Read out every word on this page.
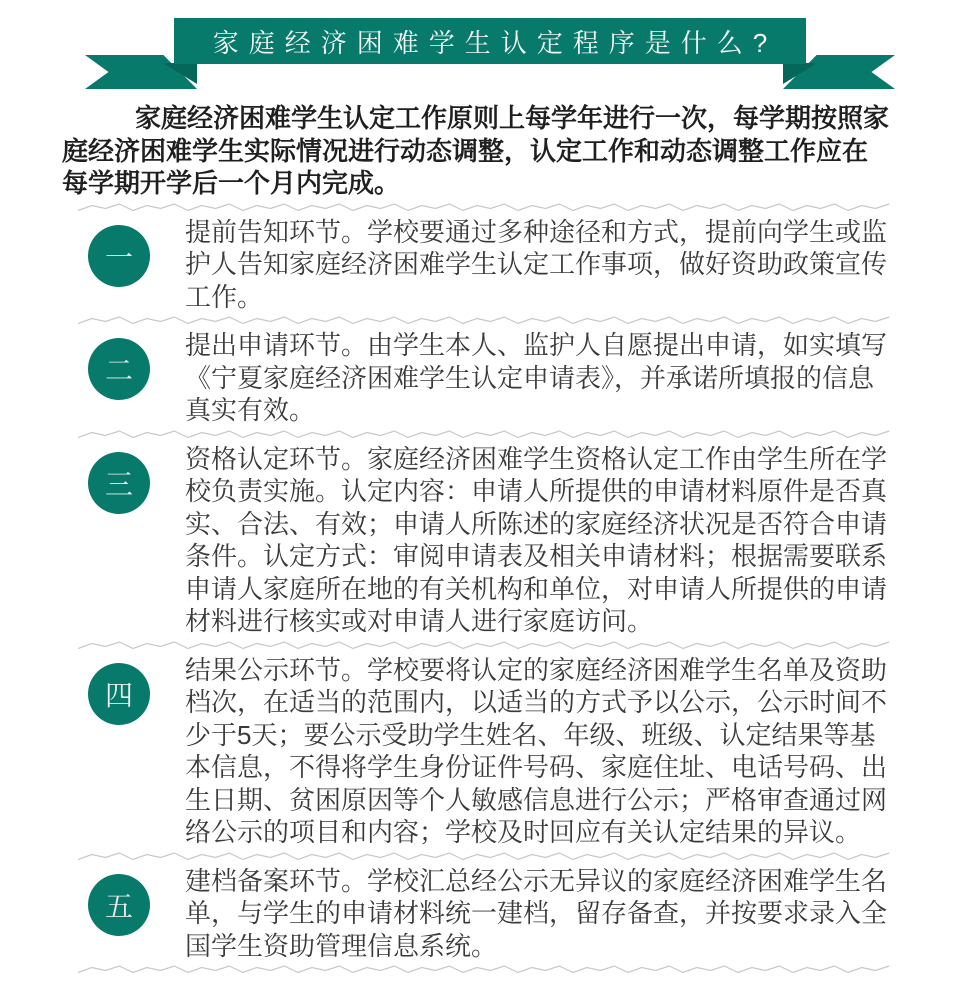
家庭经济困难学生认定程序是什么?
家庭经济困难学生认定工作原则上每学年进行一次，每学期按照家
庭经济困难学生实际情况进行动态调整，认定工作和动态调整工作应在
每学期开学后一个月内完成。
一
提前告知环节。学校要通过多种途径和方式，提前向学生或监
护人告知家庭经济困难学生认定工作事项，做好资助政策宣传
工作。
二
提出申请环节。由学生本人、监护人自愿提出申请，如实填写
《宁夏家庭经济困难学生认定申请表》，并承诺所填报的信息
真实有效。
三
资格认定环节。家庭经济困难学生资格认定工作由学生所在学
校负责实施。认定内容：申请人所提供的申请材料原件是否真
实、合法、有效；申请人所陈述的家庭经济状况是否符合申请
条件。认定方式：审阅申请表及相关申请材料；根据需要联系
申请人家庭所在地的有关机构和单位，对申请人所提供的申请
材料进行核实或对申请人进行家庭访问。
四
结果公示环节。学校要将认定的家庭经济困难学生名单及资助
档次，在适当的范围内，以适当的方式予以公示，公示时间不
少于5天；要公示受助学生姓名、年级、班级、认定结果等基
本信息，不得将学生身份证件号码、家庭住址、电话号码、出
生日期、贫困原因等个人敏感信息进行公示；严格审查通过网
络公示的项目和内容；学校及时回应有关认定结果的异议。
五
建档备案环节。学校汇总经公示无异议的家庭经济困难学生名
单，与学生的申请材料统一建档，留存备查，并按要求录入全
国学生资助管理信息系统。
